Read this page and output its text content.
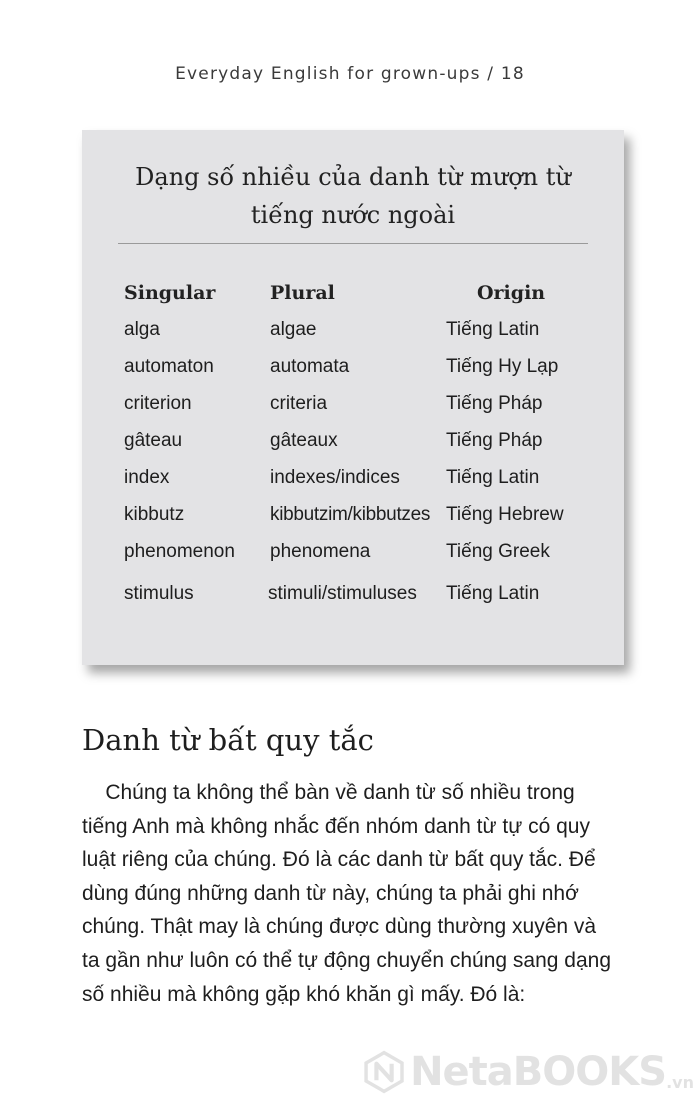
Everyday English for grown-ups / 18
Dạng số nhiều của danh từ mượn từ
tiếng nước ngoài
Singular	Plural	Origin
alga	algae	Tiếng Latin
automaton	automata	Tiếng Hy Lạp
criterion	criteria	Tiếng Pháp
gâteau	gâteaux	Tiếng Pháp
index	indexes/indices Tiếng Latin
kibbutz	kibbutzim/kibbutzes Tiếng Hebrew
phenomenon phenomena	Tiếng Greek
stimulus	stimuli/stimuluses Tiếng Latin
Danh từ bất quy tắc

Chúng ta không thể bàn về danh từ số nhiều trong
tiếng Anh mà không nhắc đến nhóm danh từ tự có quy
luật riêng của chúng. Đó là các danh từ bất quy tắc. Để
dùng đúng những danh từ này, chúng ta phải ghi nhớ
chúng. Thật may là chúng được dùng thường xuyên và
ta gần như luôn có thể tự động chuyển chúng sang dạng
số nhiều mà không gặp khó khăn gì mấy. Đó là:

NetaBOOKS .vn
